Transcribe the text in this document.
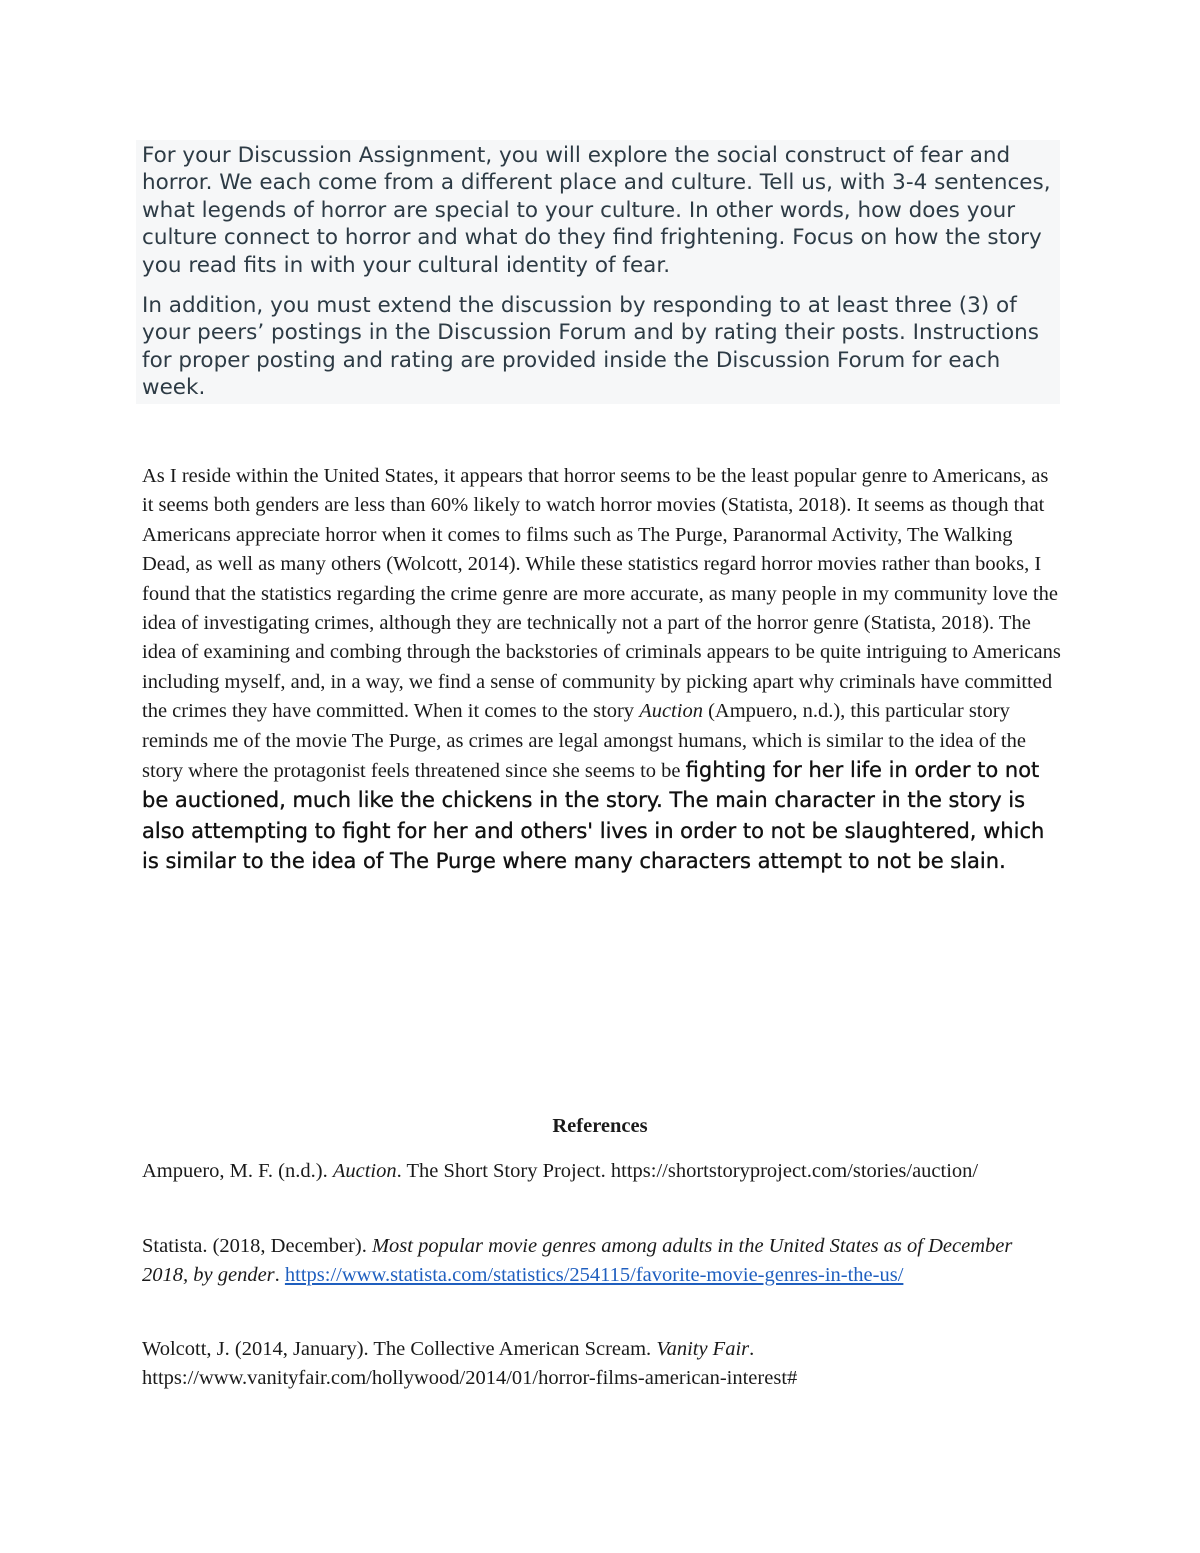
For your Discussion Assignment, you will explore the social construct of fear and horror. We each come from a different place and culture. Tell us, with 3-4 sentences, what legends of horror are special to your culture. In other words, how does your culture connect to horror and what do they find frightening. Focus on how the story you read fits in with your cultural identity of fear.

In addition, you must extend the discussion by responding to at least three (3) of your peers’ postings in the Discussion Forum and by rating their posts. Instructions for proper posting and rating are provided inside the Discussion Forum for each week.

As I reside within the United States, it appears that horror seems to be the least popular genre to Americans, as it seems both genders are less than 60% likely to watch horror movies (Statista, 2018). It seems as though that Americans appreciate horror when it comes to films such as The Purge, Paranormal Activity, The Walking Dead, as well as many others (Wolcott, 2014). While these statistics regard horror movies rather than books, I found that the statistics regarding the crime genre are more accurate, as many people in my community love the idea of investigating crimes, although they are technically not a part of the horror genre (Statista, 2018). The idea of examining and combing through the backstories of criminals appears to be quite intriguing to Americans including myself, and, in a way, we find a sense of community by picking apart why criminals have committed the crimes they have committed. When it comes to the story Auction (Ampuero, n.d.), this particular story reminds me of the movie The Purge, as crimes are legal amongst humans, which is similar to the idea of the story where the protagonist feels threatened since she seems to be fighting for her life in order to not be auctioned, much like the chickens in the story. The main character in the story is also attempting to fight for her and others' lives in order to not be slaughtered, which is similar to the idea of The Purge where many characters attempt to not be slain.

References

Ampuero, M. F. (n.d.). Auction. The Short Story Project. https://shortstoryproject.com/stories/auction/

Statista. (2018, December). Most popular movie genres among adults in the United States as of December 2018, by gender. https://www.statista.com/statistics/254115/favorite-movie-genres-in-the-us/

Wolcott, J. (2014, January). The Collective American Scream. Vanity Fair. https://www.vanityfair.com/hollywood/2014/01/horror-films-american-interest#
